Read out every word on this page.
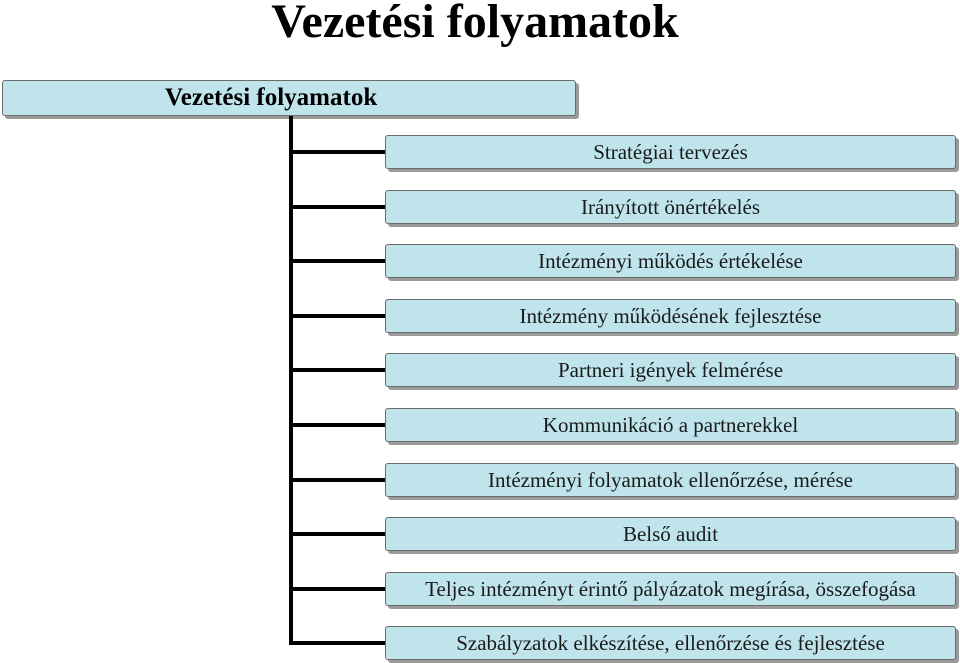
Vezetési folyamatok
Vezetési folyamatok
Stratégiai tervezés
Irányított önértékelés
Intézményi működés értékelése
Intézmény működésének fejlesztése
Partneri igények felmérése
Kommunikáció a partnerekkel
Intézményi folyamatok ellenőrzése, mérése
Belső audit
Teljes intézményt érintő pályázatok megírása, összefogása
Szabályzatok elkészítése, ellenőrzése és fejlesztése
